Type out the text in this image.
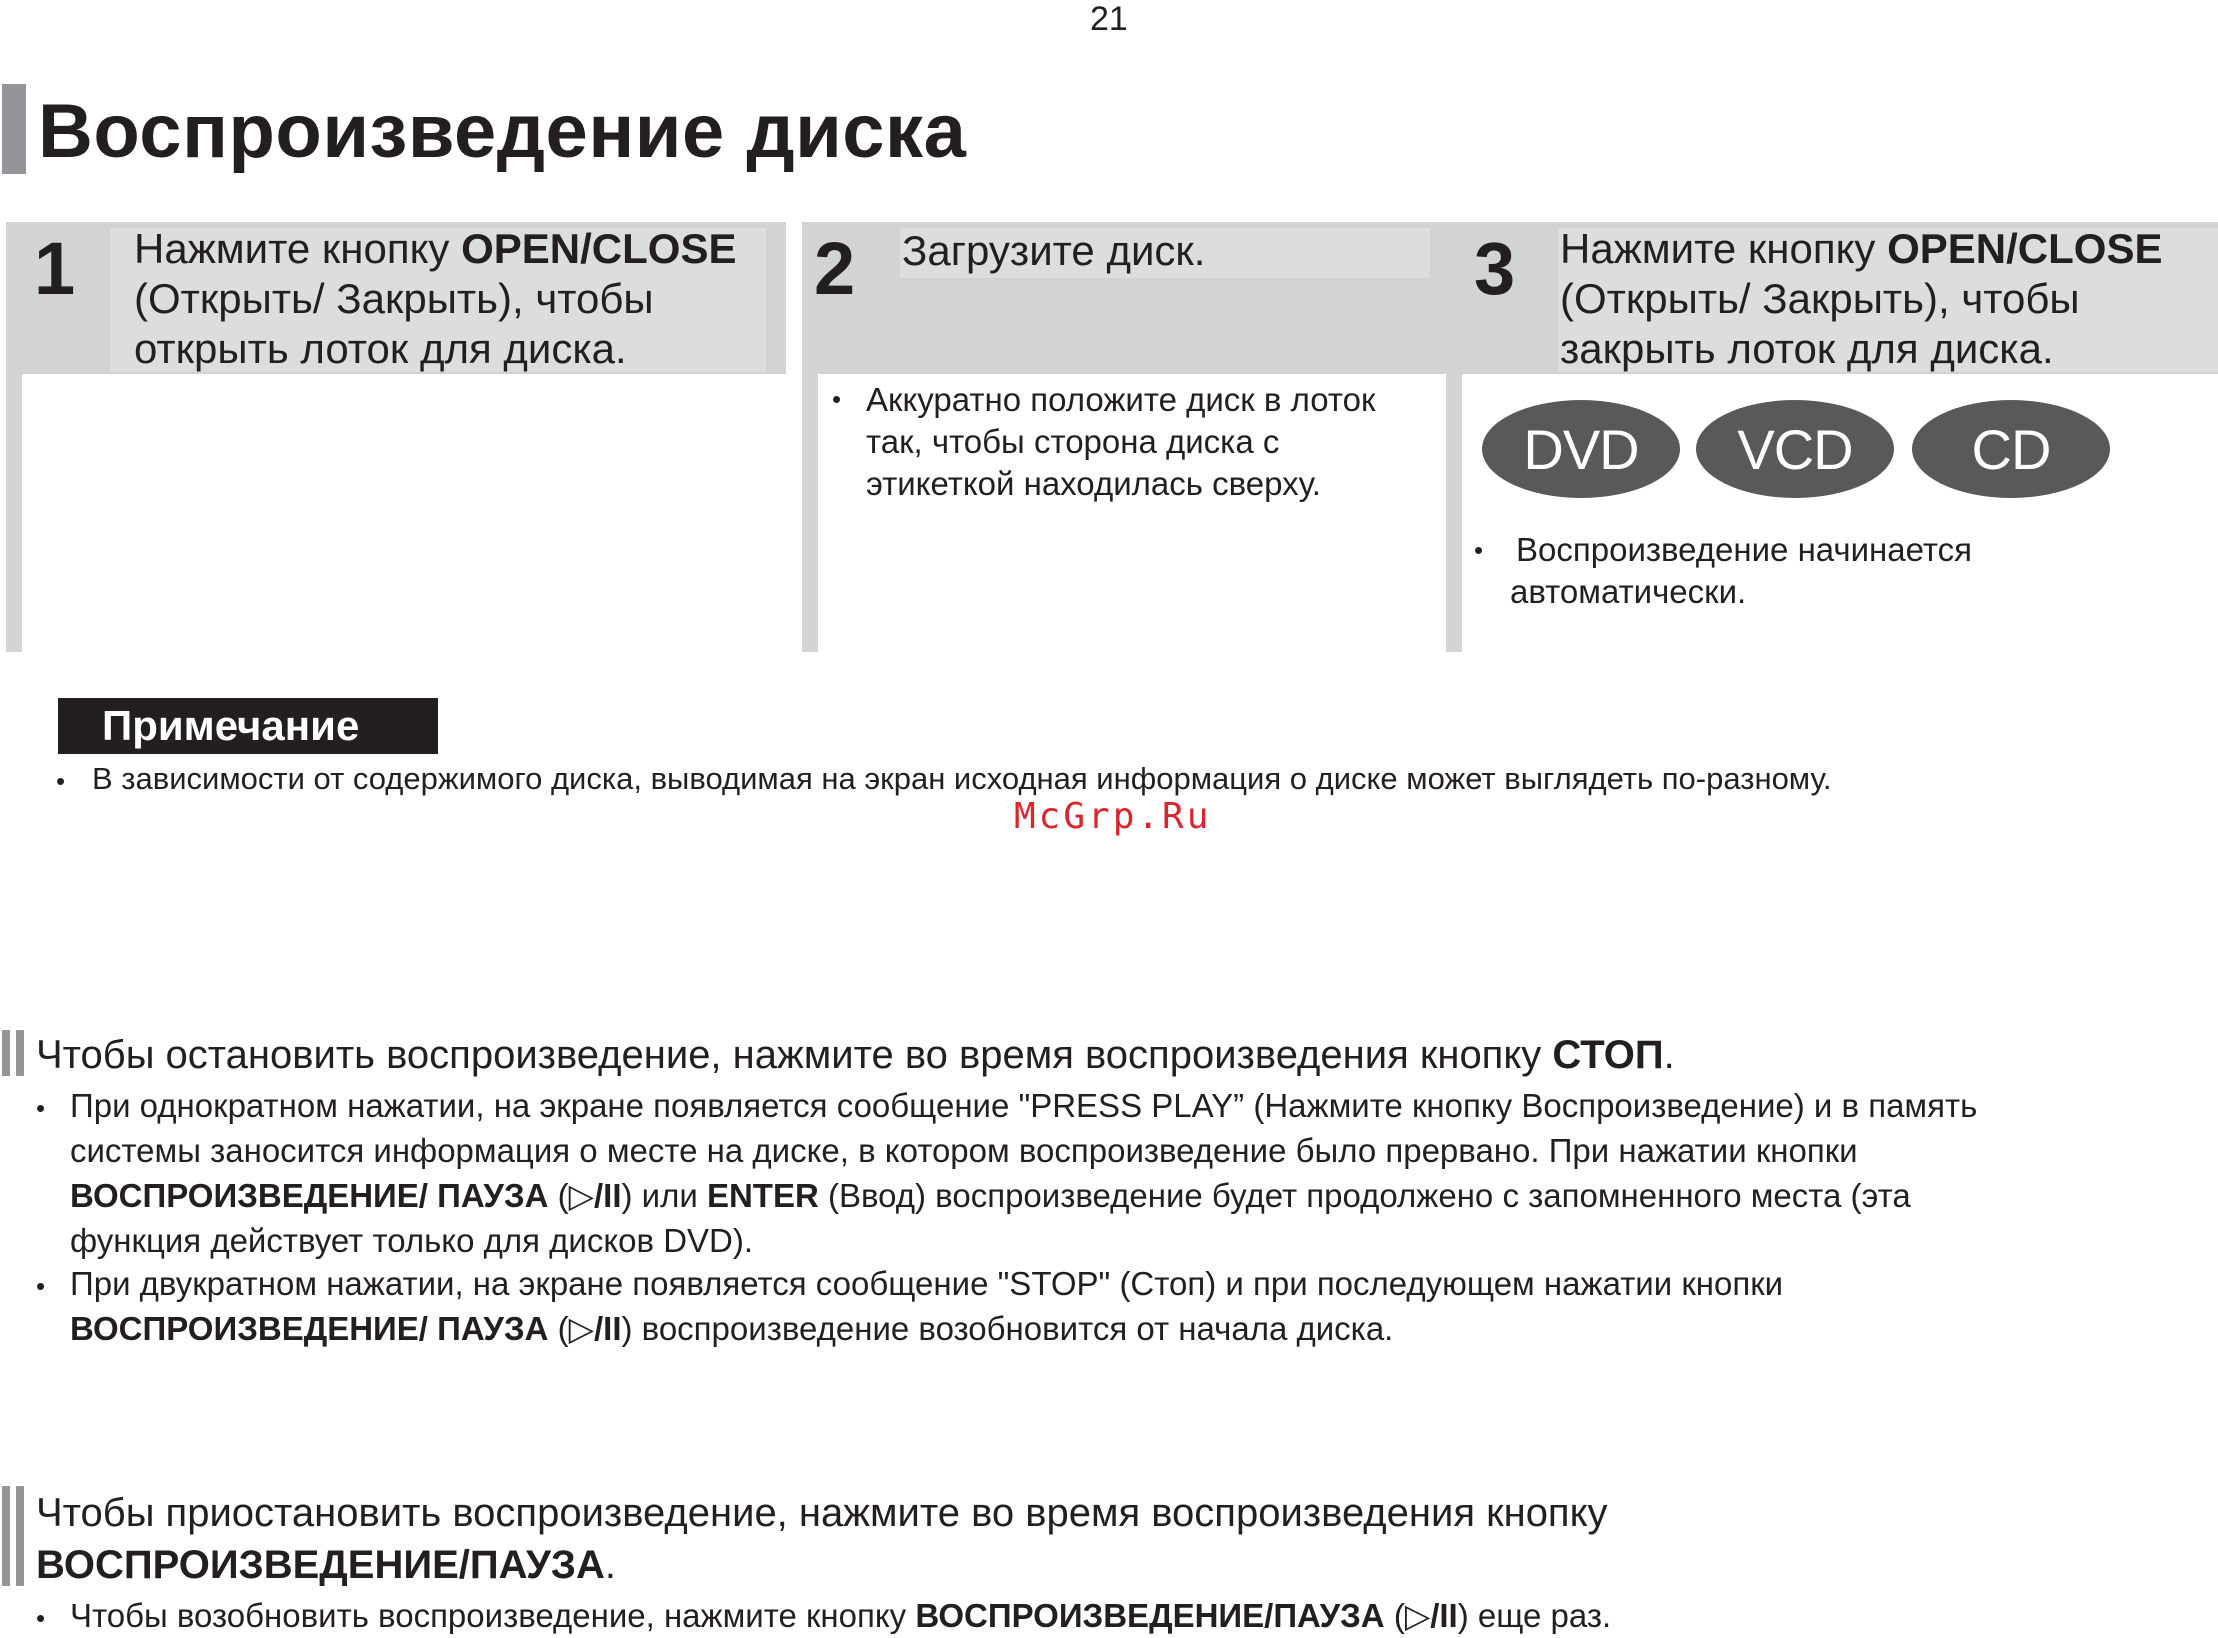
21
Воспроизведение диска
1 Нажмите кнопку OPEN/CLOSE
(Открыть/ Закрыть), чтобы
открыть лоток для диска.
2 Загрузите диск.
• Аккуратно положите диск в лоток
так, чтобы сторона диска с
этикеткой находилась сверху.
3 Нажмите кнопку OPEN/CLOSE
(Открыть/ Закрыть), чтобы
закрыть лоток для диска.
DVD	VCD	CD
• Воспроизведение начинается
автоматически.
Примечание
• В зависимости от содержимого диска, выводимая на экран исходная информация о диске может выглядеть по-разному.
McGrp.Ru
Чтобы остановить воспроизведение, нажмите во время воспроизведения кнопку СТОП.
• При однократном нажатии, на экране появляется сообщение "PRESS PLAY” (Нажмите кнопку Воспроизведение) и в память
системы заносится информация о месте на диске, в котором воспроизведение было прервано. При нажатии кнопки
ВОСПРОИЗВЕДЕНИЕ/ ПАУЗА (▷/II) или ENTER (Ввод) воспроизведение будет продолжено с запомненного места (эта
функция действует только для дисков DVD).
• При двукратном нажатии, на экране появляется сообщение "STOP" (Стоп) и при последующем нажатии кнопки
ВОСПРОИЗВЕДЕНИЕ/ ПАУЗА (▷/II) воспроизведение возобновится от начала диска.
Чтобы приостановить воспроизведение, нажмите во время воспроизведения кнопку
ВОСПРОИЗВЕДЕНИЕ/ПАУЗА.
• Чтобы возобновить воспроизведение, нажмите кнопку ВОСПРОИЗВЕДЕНИЕ/ПАУЗА (▷/II) еще раз.
